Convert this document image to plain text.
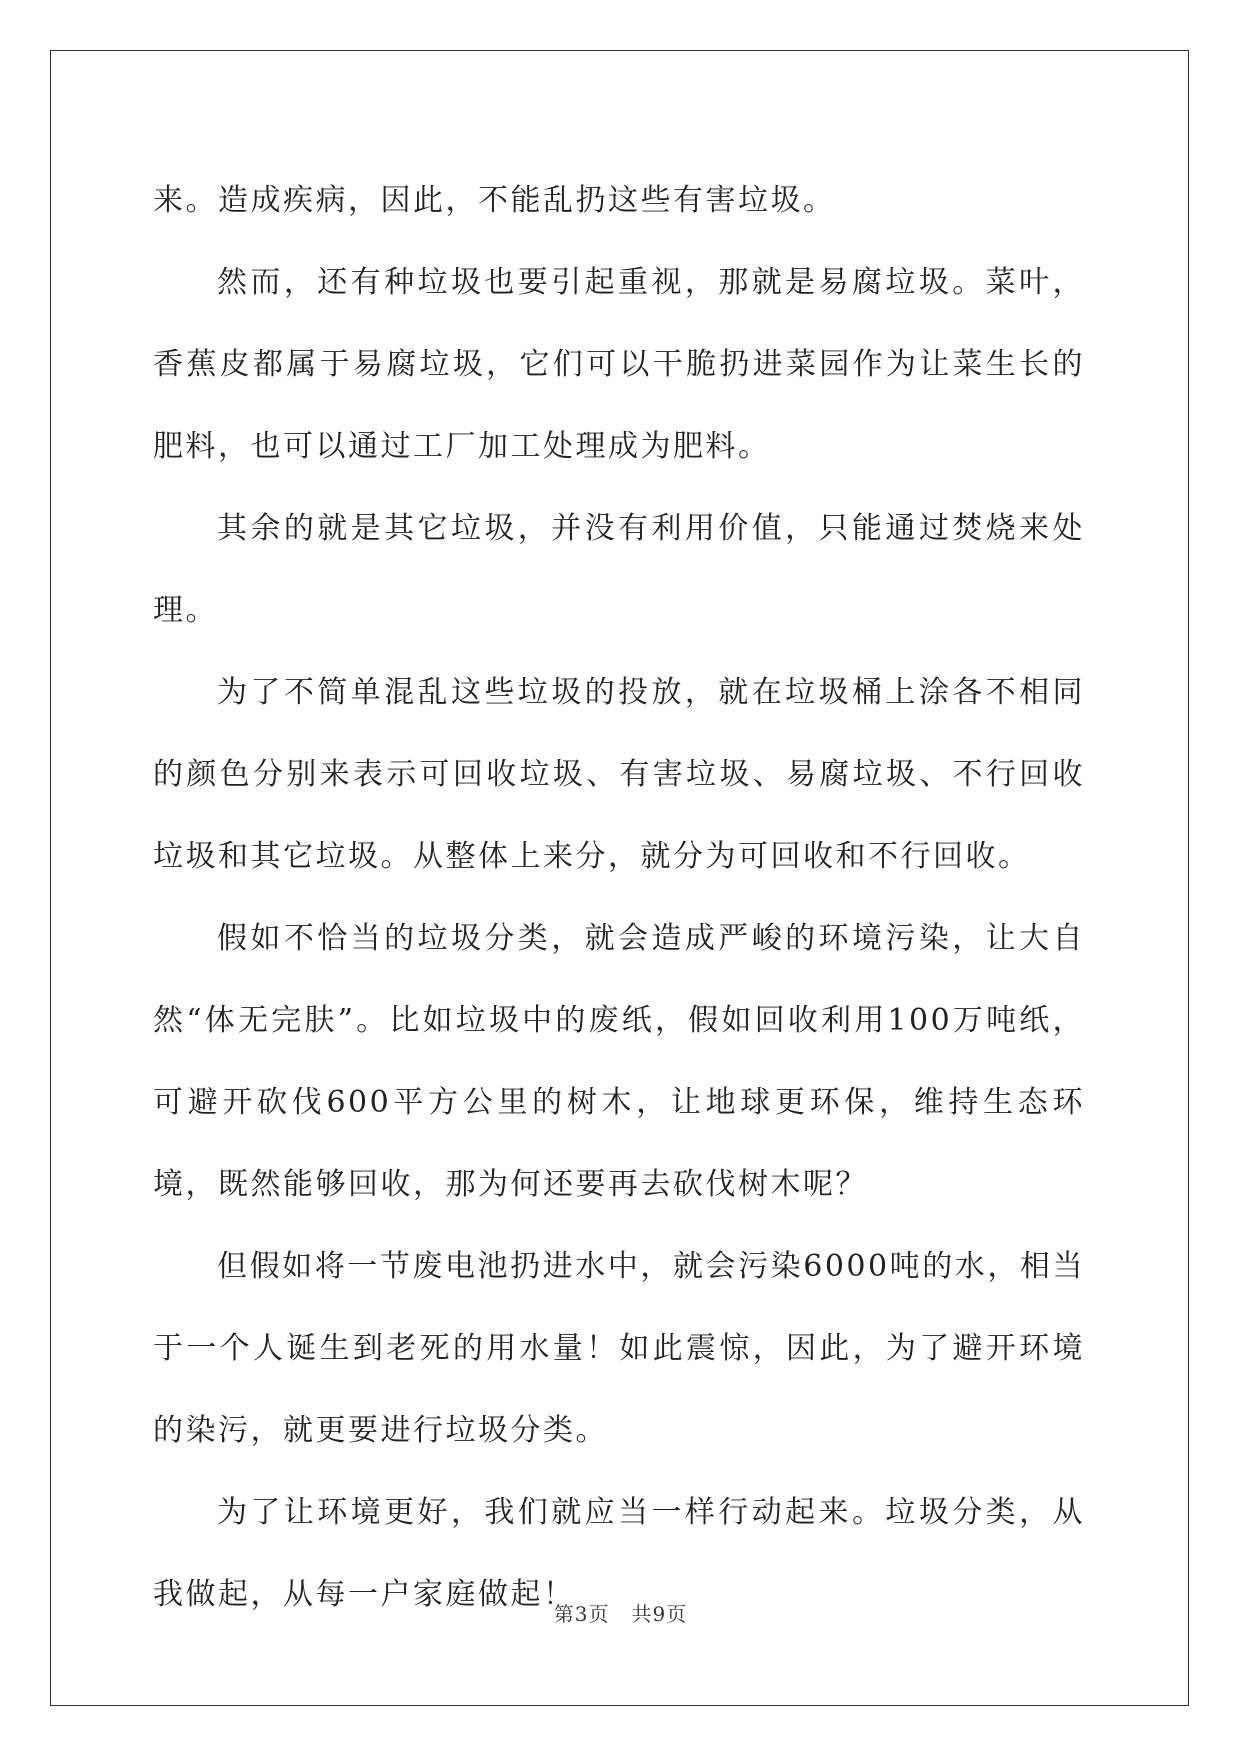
来。造成疾病，因此，不能乱扔这些有害垃圾。

然而，还有种垃圾也要引起重视，那就是易腐垃圾。菜叶，香蕉皮都属于易腐垃圾，它们可以干脆扔进菜园作为让菜生长的肥料，也可以通过工厂加工处理成为肥料。

其余的就是其它垃圾，并没有利用价值，只能通过焚烧来处理。

为了不简单混乱这些垃圾的投放，就在垃圾桶上涂各不相同的颜色分别来表示可回收垃圾、有害垃圾、易腐垃圾、不行回收垃圾和其它垃圾。从整体上来分，就分为可回收和不行回收。

假如不恰当的垃圾分类，就会造成严峻的环境污染，让大自然“体无完肤”。比如垃圾中的废纸，假如回收利用100万吨纸，可避开砍伐600平方公里的树木，让地球更环保，维持生态环境，既然能够回收，那为何还要再去砍伐树木呢？

但假如将一节废电池扔进水中，就会污染6000吨的水，相当于一个人诞生到老死的用水量！如此震惊，因此，为了避开环境的染污，就更要进行垃圾分类。

为了让环境更好，我们就应当一样行动起来。垃圾分类，从我做起，从每一户家庭做起！

第3页 共9页
